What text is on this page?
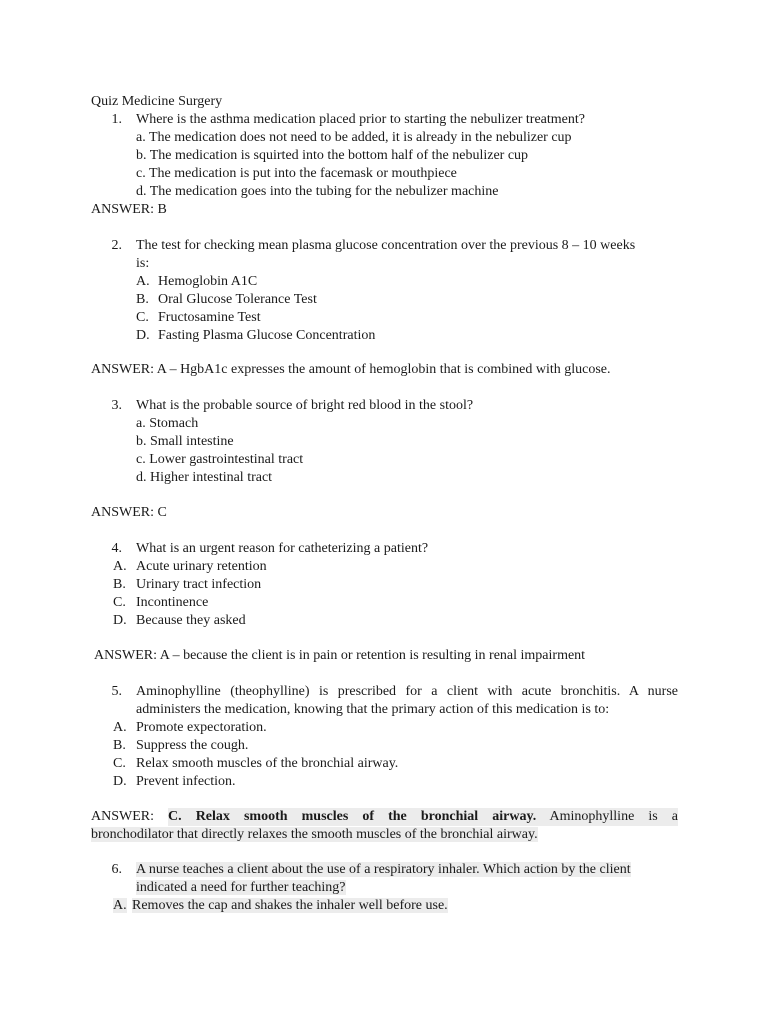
Quiz Medicine Surgery
1. Where is the asthma medication placed prior to starting the nebulizer treatment?
a. The medication does not need to be added, it is already in the nebulizer cup
b. The medication is squirted into the bottom half of the nebulizer cup
c. The medication is put into the facemask or mouthpiece
d. The medication goes into the tubing for the nebulizer machine
ANSWER: B
2. The test for checking mean plasma glucose concentration over the previous 8 – 10 weeks
is:
A. Hemoglobin A1C
B. Oral Glucose Tolerance Test
C. Fructosamine Test
D. Fasting Plasma Glucose Concentration
ANSWER: A – HgbA1c expresses the amount of hemoglobin that is combined with glucose.
3. What is the probable source of bright red blood in the stool?
a. Stomach
b. Small intestine
c. Lower gastrointestinal tract
d. Higher intestinal tract
ANSWER: C
4. What is an urgent reason for catheterizing a patient?
A. Acute urinary retention
B. Urinary tract infection
C. Incontinence
D. Because they asked
ANSWER: A – because the client is in pain or retention is resulting in renal impairment
5. Aminophylline (theophylline) is prescribed for a client with acute bronchitis. A nurse
administers the medication, knowing that the primary action of this medication is to:
A. Promote expectoration.
B. Suppress the cough.
C. Relax smooth muscles of the bronchial airway.
D. Prevent infection.
ANSWER: C. Relax smooth muscles of the bronchial airway. Aminophylline is a
bronchodilator that directly relaxes the smooth muscles of the bronchial airway.
6. A nurse teaches a client about the use of a respiratory inhaler. Which action by the client
indicated a need for further teaching?
A. Removes the cap and shakes the inhaler well before use.
